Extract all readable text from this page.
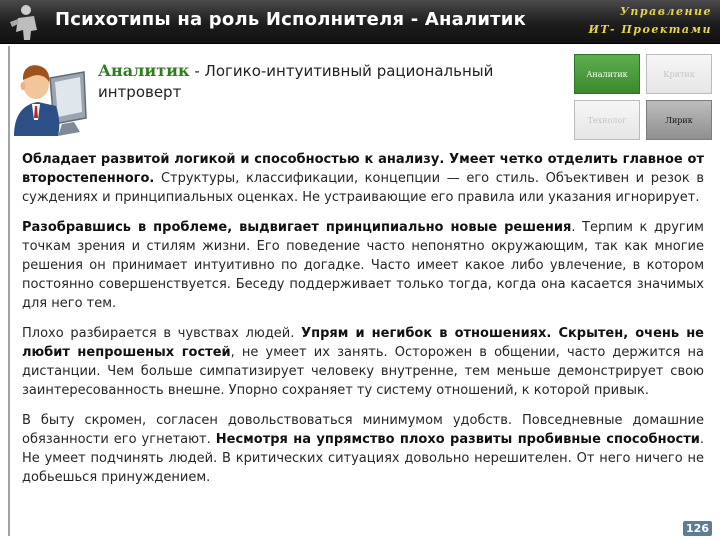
Психотипы на роль Исполнителя - Аналитик	Управление
ИТ- Проектами
Аналитик - Логико-интуитивный рациональный интроверт
Аналитик	Критик
Технолог	Лирик

Обладает развитой логикой и способностью к анализу. Умеет четко отделить главное от второстепенного. Структуры, классификации, концепции — его стиль. Объективен и резок в суждениях и принципиальных оценках. Не устраивающие его правила или указания игнорирует.

Разобравшись в проблеме, выдвигает принципиально новые решения. Терпим к другим точкам зрения и стилям жизни. Его поведение часто непонятно окружающим, так как многие решения он принимает интуитивно по догадке. Часто имеет какое либо увлечение, в котором постоянно совершенствуется. Беседу поддерживает только тогда, когда она касается значимых для него тем.

Плохо разбирается в чувствах людей. Упрям и негибок в отношениях. Скрытен, очень не любит непрошеных гостей, не умеет их занять. Осторожен в общении, часто держится на дистанции. Чем больше симпатизирует человеку внутренне, тем меньше демонстрирует свою заинтересованность внешне. Упорно сохраняет ту систему отношений, к которой привык.

В быту скромен, согласен довольствоваться минимумом удобств. Повседневные домашние обязанности его угнетают. Несмотря на упрямство плохо развиты пробивные способности. Не умеет подчинять людей. В критических ситуациях довольно нерешителен. От него ничего не добьешься принуждением.

126
